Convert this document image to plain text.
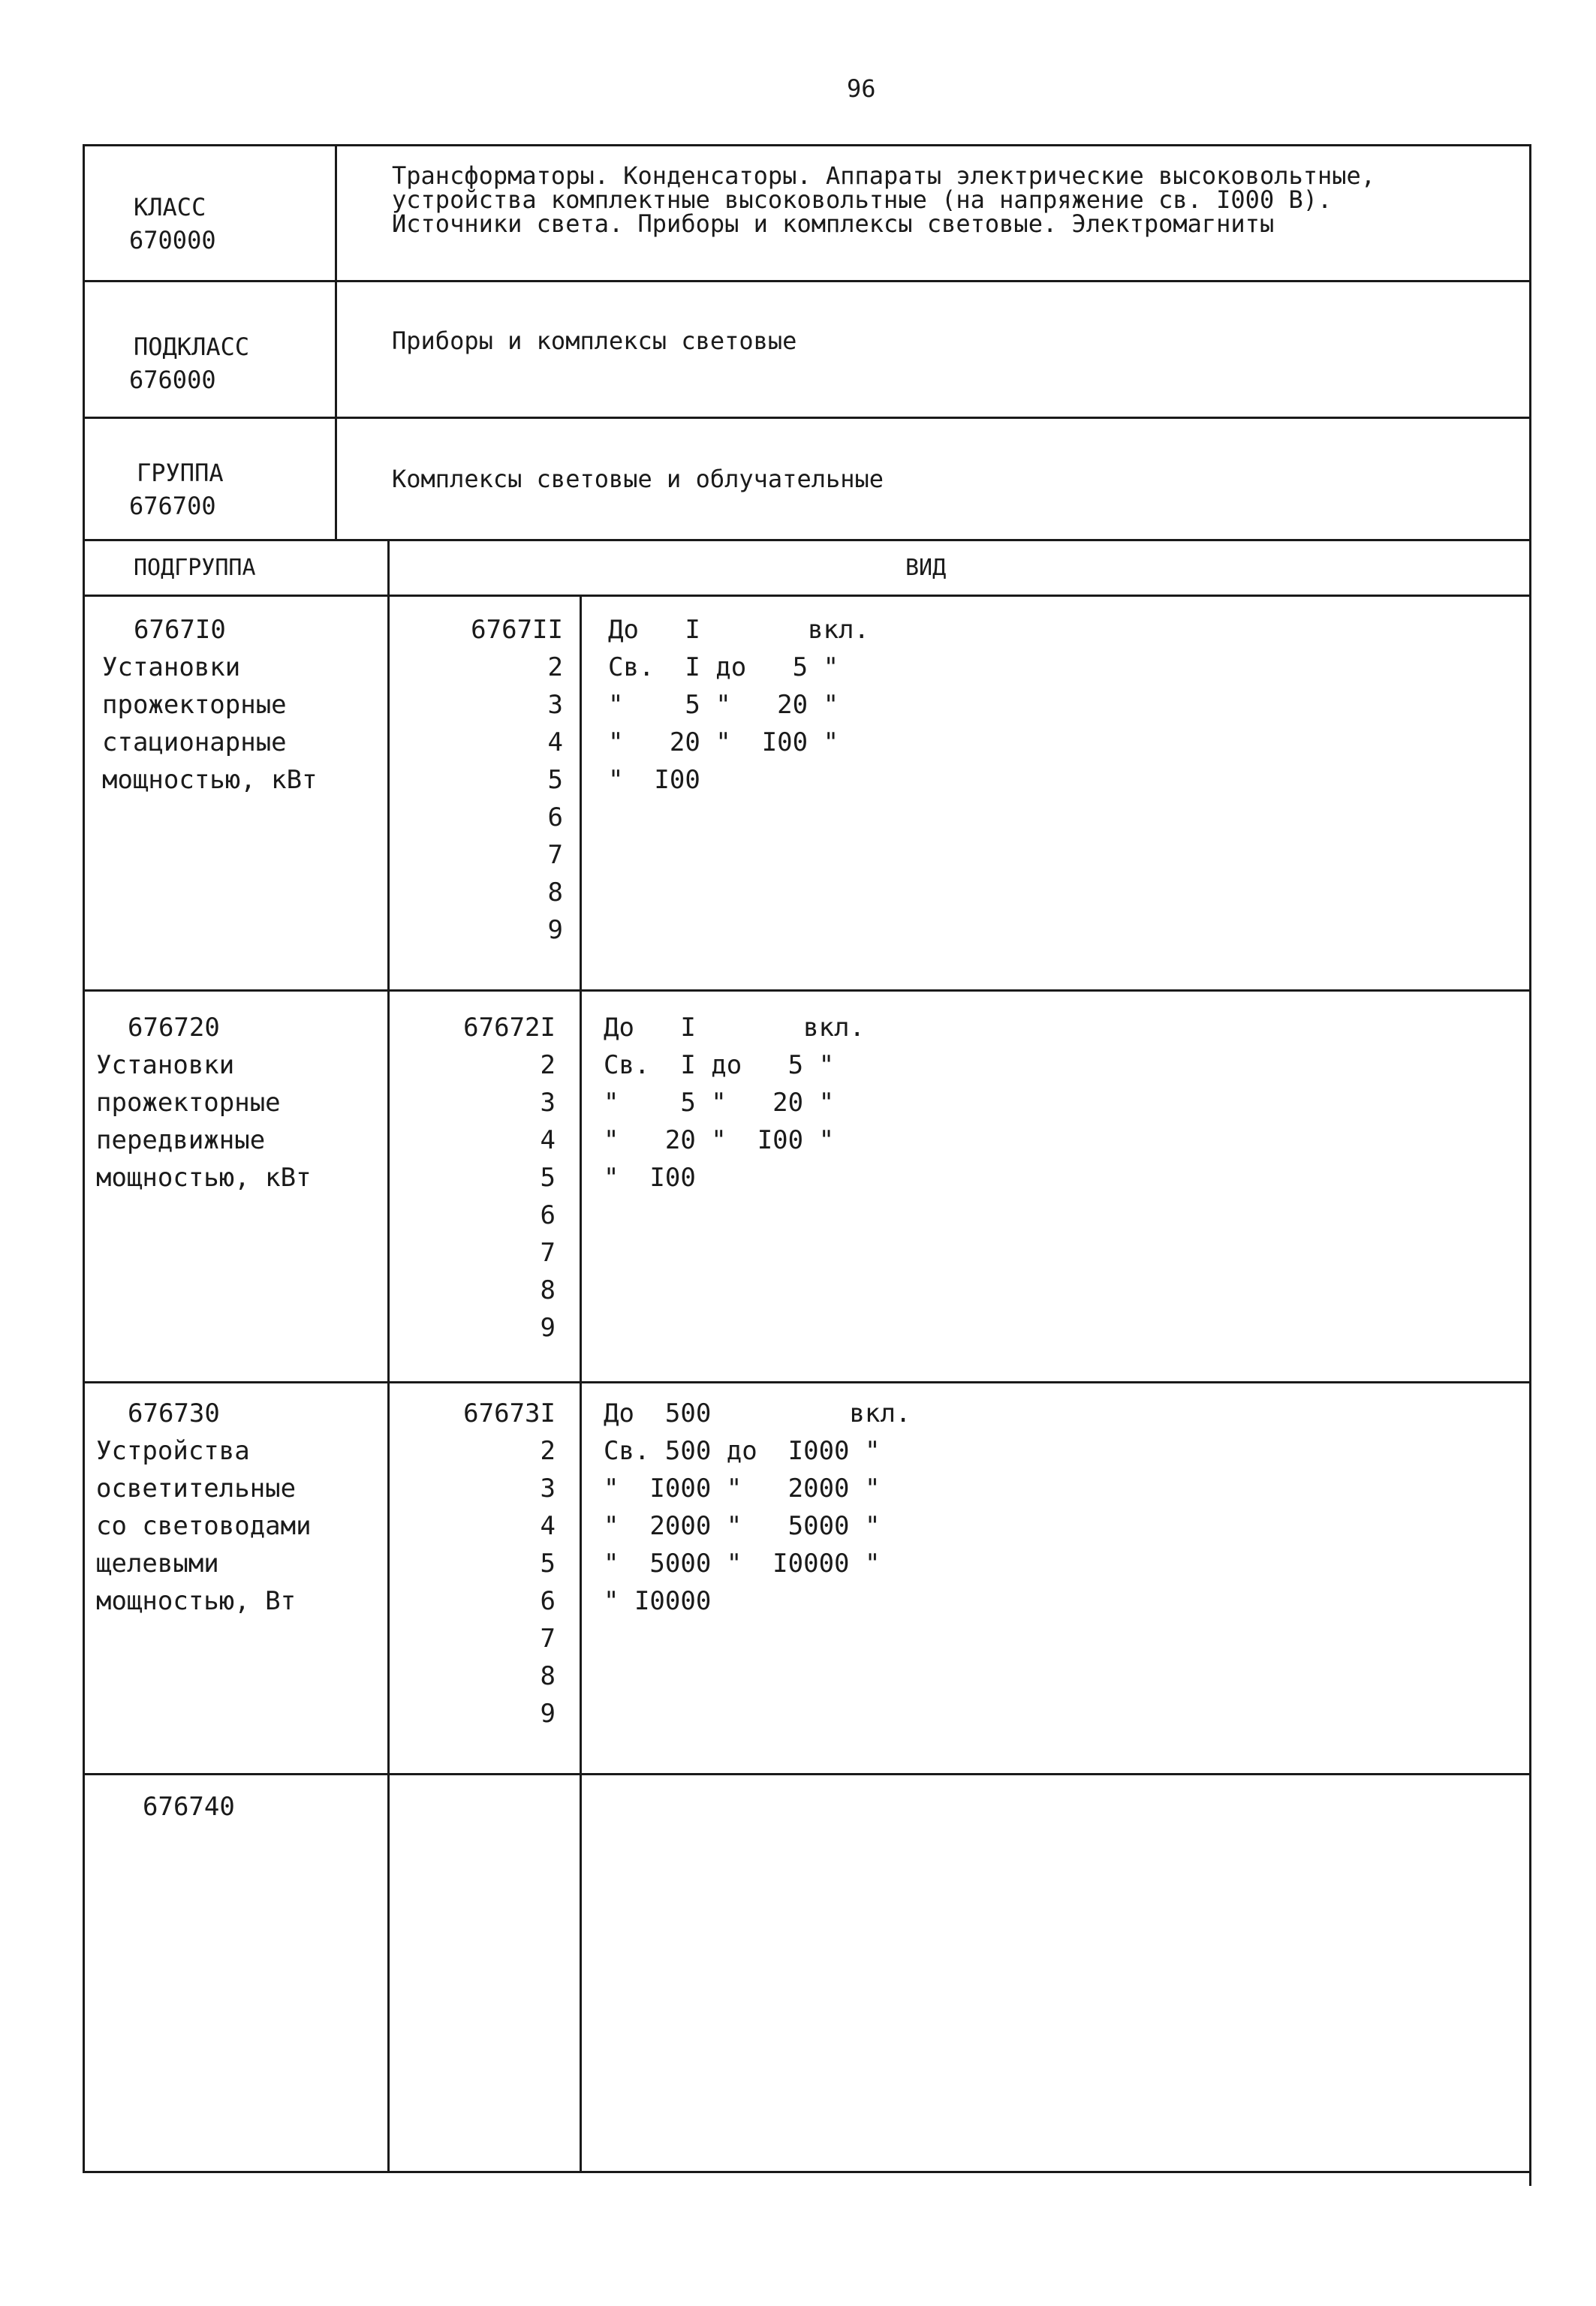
96
КЛАСС
670000
Трансформаторы. Конденсаторы. Аппараты электрические высоковольтные,
устройства комплектные высоковольтные (на напряжение св. I000 В).
Источники света. Приборы и комплексы световые. Электромагниты
ПОДКЛАСС
676000
Приборы и комплексы световые
ГРУППА
676700
Комплексы световые и облучательные
ПОДГРУППА	ВИД
6767I0
Установки
прожекторные
стационарные
мощностью, кВт
6767II
2
3
4
5
6
7
8
9
До   I       вкл.
Св.  I до   5 "
"    5 "   20 "
"   20 "  I00 "
"  I00
676720
Установки
прожекторные
передвижные
мощностью, кВт
67672I
2
3
4
5
6
7
8
9
До   I       вкл.
Св.  I до   5 "
"    5 "   20 "
"   20 "  I00 "
"  I00
676730
Устройства
осветительные
со световодами
щелевыми
мощностью, Вт
67673I
2
3
4
5
6
7
8
9
До  500         вкл.
Св. 500 до  I000 "
"  I000 "   2000 "
"  2000 "   5000 "
"  5000 "  I0000 "
" I0000
676740
